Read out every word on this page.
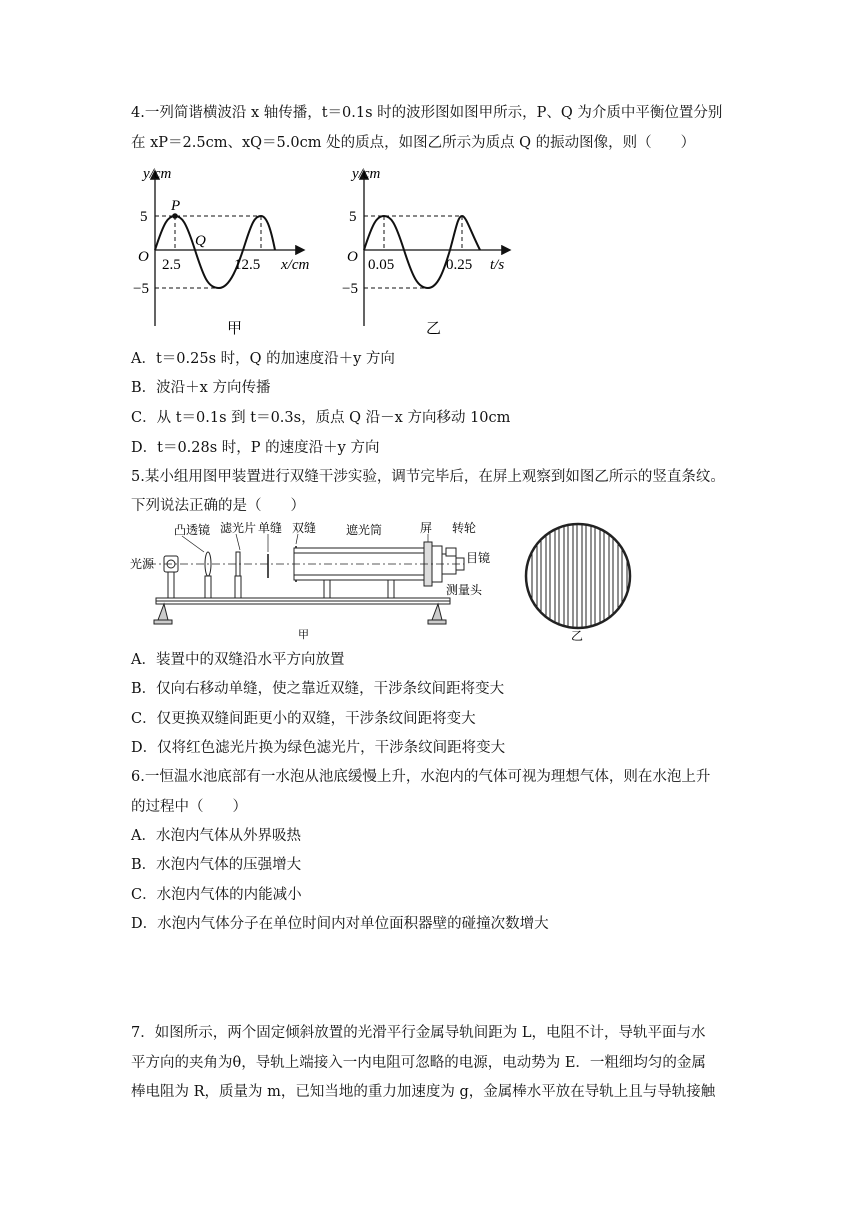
4.一列简谐横波沿 x 轴传播，t＝0.1s 时的波形图如图甲所示，P、Q 为介质中平衡位置分别
在 xP＝2.5cm、xQ＝5.0cm 处的质点，如图乙所示为质点 Q 的振动图像，则（　　）
y/cm
P
Q
5
−5
O 2.5	12.5 x/cm
甲
y/cm
5
−5
O 0.05	0.25 t/s
乙
A．t＝0.25s 时，Q 的加速度沿＋y 方向
B．波沿＋x 方向传播
C．从 t＝0.1s 到 t＝0.3s，质点 Q 沿－x 方向移动 10cm
D．t＝0.28s 时，P 的速度沿＋y 方向
5.某小组用图甲装置进行双缝干涉实验，调节完毕后，在屏上观察到如图乙所示的竖直条纹。
下列说法正确的是（　　）
光源
凸透镜 滤光片 单缝 双缝 遮光筒	屏 转轮
目镜
测量头
甲	乙
A．装置中的双缝沿水平方向放置
B．仅向右移动单缝，使之靠近双缝，干涉条纹间距将变大
C．仅更换双缝间距更小的双缝，干涉条纹间距将变大
D．仅将红色滤光片换为绿色滤光片，干涉条纹间距将变大
6.一恒温水池底部有一水泡从池底缓慢上升，水泡内的气体可视为理想气体，则在水泡上升
的过程中（　　）
A．水泡内气体从外界吸热
B．水泡内气体的压强增大
C．水泡内气体的内能减小
D．水泡内气体分子在单位时间内对单位面积器壁的碰撞次数增大
7．如图所示，两个固定倾斜放置的光滑平行金属导轨间距为 L，电阻不计，导轨平面与水
平方向的夹角为θ，导轨上端接入一内电阻可忽略的电源，电动势为 E．一粗细均匀的金属
棒电阻为 R，质量为 m，已知当地的重力加速度为 g，金属棒水平放在导轨上且与导轨接触
